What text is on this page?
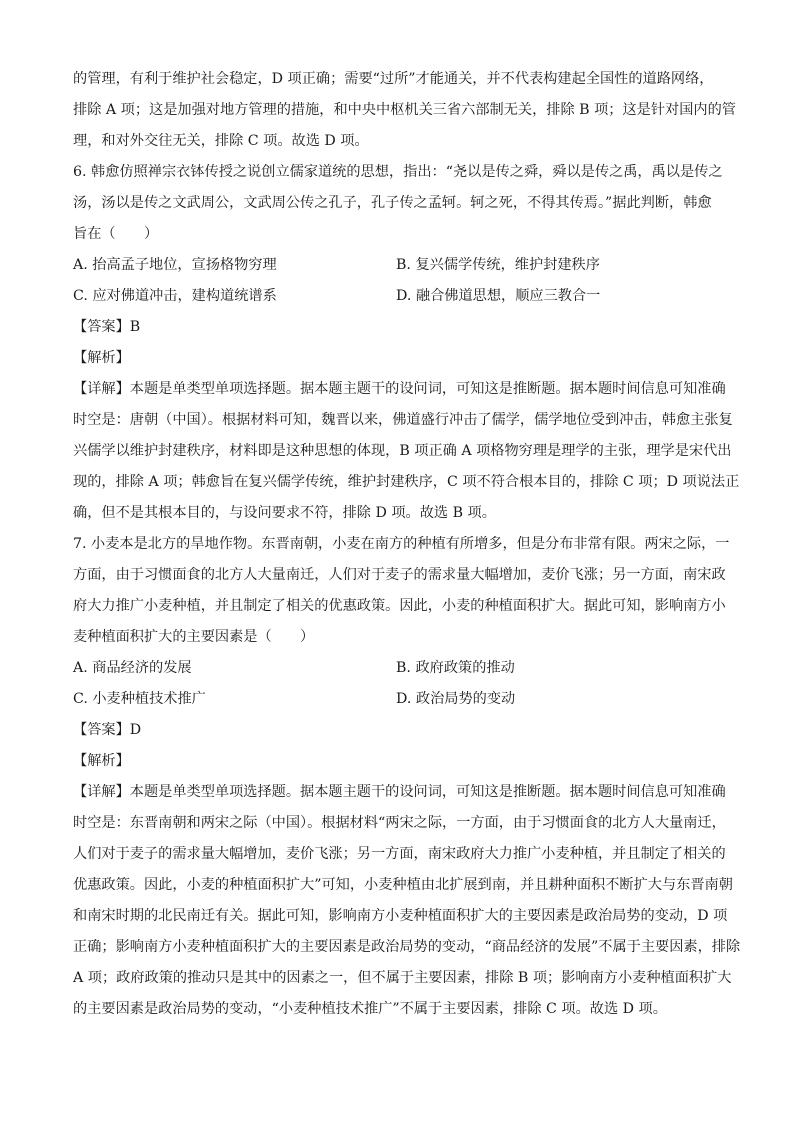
的管理，有利于维护社会稳定，D 项正确；需要“过所”才能通关，并不代表构建起全国性的道路网络，
排除 A 项；这是加强对地方管理的措施，和中央中枢机关三省六部制无关，排除 B 项；这是针对国内的管
理，和对外交往无关，排除 C 项。故选 D 项。
6. 韩愈仿照禅宗衣钵传授之说创立儒家道统的思想，指出：“尧以是传之舜，舜以是传之禹，禹以是传之
汤，汤以是传之文武周公，文武周公传之孔子，孔子传之孟轲。轲之死，不得其传焉。”据此判断，韩愈
旨在（　　）
A. 抬高孟子地位，宣扬格物穷理	B. 复兴儒学传统，维护封建秩序
C. 应对佛道冲击，建构道统谱系	D. 融合佛道思想，顺应三教合一
【答案】B
【解析】
【详解】本题是单类型单项选择题。据本题主题干的设问词，可知这是推断题。据本题时间信息可知准确
时空是：唐朝（中国）。根据材料可知，魏晋以来，佛道盛行冲击了儒学，儒学地位受到冲击，韩愈主张复
兴儒学以维护封建秩序，材料即是这种思想的体现，B 项正确 A 项格物穷理是理学的主张，理学是宋代出
现的，排除 A 项；韩愈旨在复兴儒学传统，维护封建秩序，C 项不符合根本目的，排除 C 项；D 项说法正
确，但不是其根本目的，与设问要求不符，排除 D 项。故选 B 项。
7. 小麦本是北方的旱地作物。东晋南朝，小麦在南方的种植有所增多，但是分布非常有限。两宋之际，一
方面，由于习惯面食的北方人大量南迁，人们对于麦子的需求量大幅增加，麦价飞涨；另一方面，南宋政
府大力推广小麦种植，并且制定了相关的优惠政策。因此，小麦的种植面积扩大。据此可知，影响南方小
麦种植面积扩大的主要因素是（　　）
A. 商品经济的发展	B. 政府政策的推动
C. 小麦种植技术推广	D. 政治局势的变动
【答案】D
【解析】
【详解】本题是单类型单项选择题。据本题主题干的设问词，可知这是推断题。据本题时间信息可知准确
时空是：东晋南朝和两宋之际（中国）。根据材料“两宋之际，一方面，由于习惯面食的北方人大量南迁，
人们对于麦子的需求量大幅增加，麦价飞涨；另一方面，南宋政府大力推广小麦种植，并且制定了相关的
优惠政策。因此，小麦的种植面积扩大”可知，小麦种植由北扩展到南，并且耕种面积不断扩大与东晋南朝
和南宋时期的北民南迁有关。据此可知，影响南方小麦种植面积扩大的主要因素是政治局势的变动，D 项
正确；影响南方小麦种植面积扩大的主要因素是政治局势的变动，“商品经济的发展”不属于主要因素，排除
A 项；政府政策的推动只是其中的因素之一，但不属于主要因素，排除 B 项；影响南方小麦种植面积扩大
的主要因素是政治局势的变动，“小麦种植技术推广”不属于主要因素，排除 C 项。故选 D 项。
